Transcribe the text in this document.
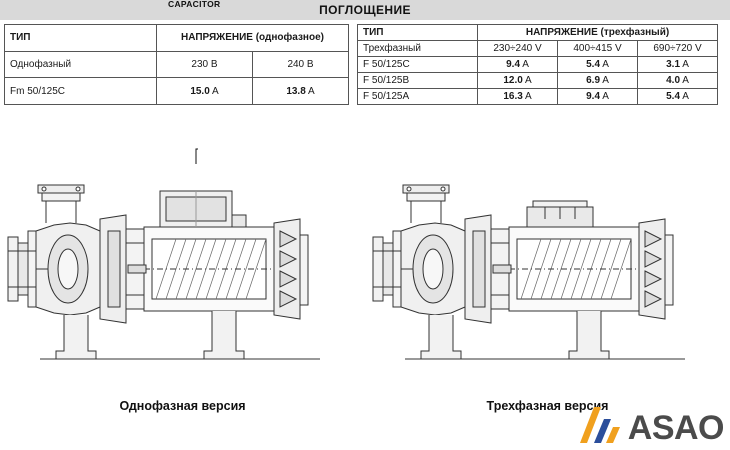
ПОГЛОЩЕНИЕ
ТИП	НАПРЯЖЕНИЕ (однофазное)	
Однофазный	230 В	240 В
Fm 50/125C	15.0 A	13.8 A
ТИП	НАПРЯЖЕНИЕ (трехфазный)		
Трехфазный	230÷240 V	400÷415 V	690÷720 V
F 50/125C	9.4 A	5.4 A	3.1 A
F 50/125B	12.0 A	6.9 A	4.0 A
F 50/125A	16.3 A	9.4 A	5.4 A
CAPACITOR
Однофазная версия	Трехфазная версия
ASAO
